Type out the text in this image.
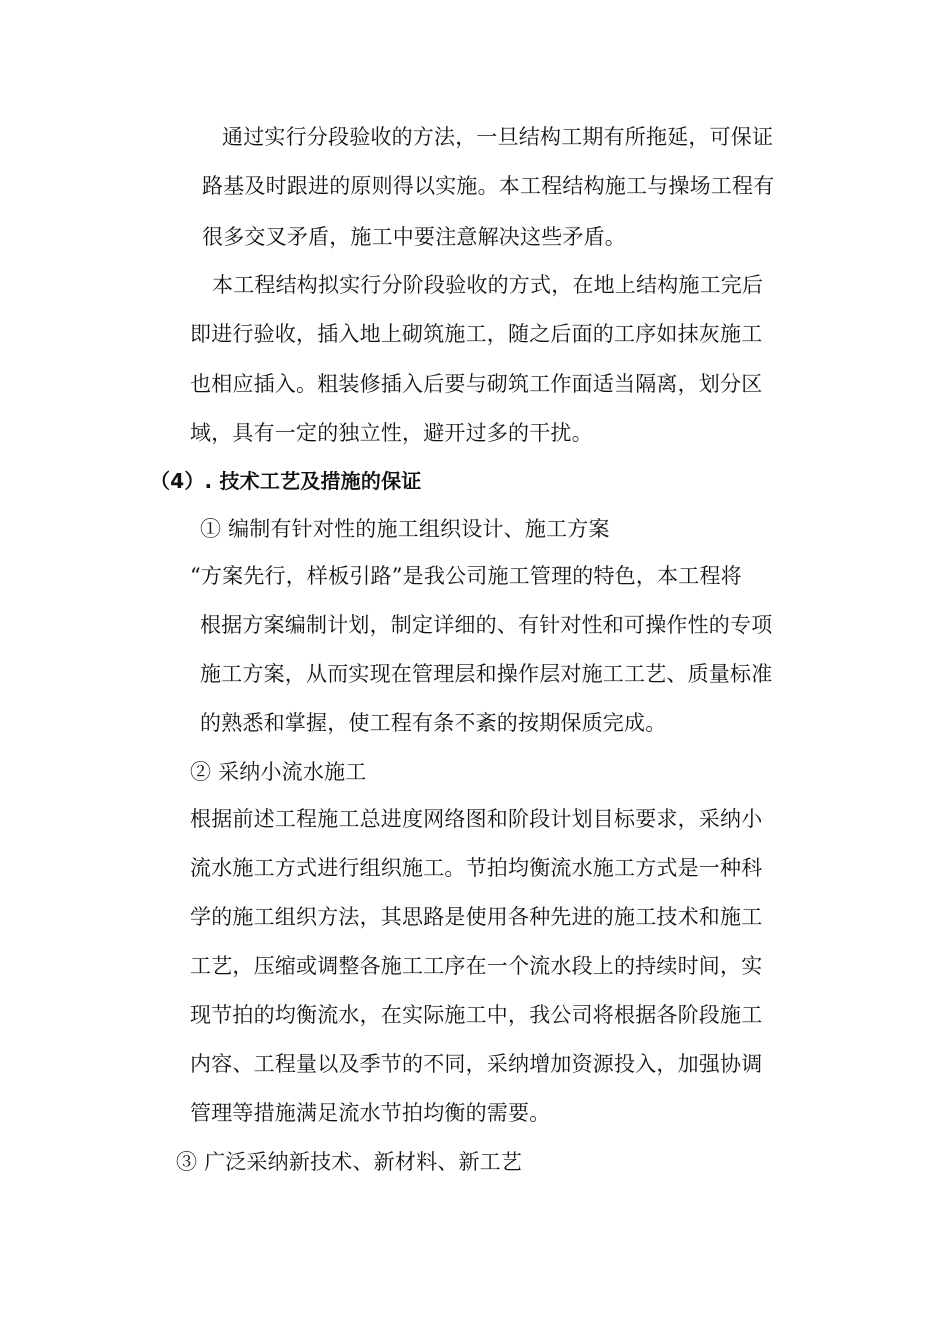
通过实行分段验收的方法，一旦结构工期有所拖延，可保证
路基及时跟进的原则得以实施。本工程结构施工与操场工程有
很多交叉矛盾，施工中要注意解决这些矛盾。
本工程结构拟实行分阶段验收的方式，在地上结构施工完后
即进行验收，插入地上砌筑施工，随之后面的工序如抹灰施工
也相应插入。粗装修插入后要与砌筑工作面适当隔离，划分区
域，具有一定的独立性，避开过多的干扰。
（4）. 技术工艺及措施的保证
① 编制有针对性的施工组织设计、施工方案
“方案先行，样板引路”是我公司施工管理的特色，本工程将
根据方案编制计划，制定详细的、有针对性和可操作性的专项
施工方案，从而实现在管理层和操作层对施工工艺、质量标准
的熟悉和掌握，使工程有条不紊的按期保质完成。
② 采纳小流水施工
根据前述工程施工总进度网络图和阶段计划目标要求，采纳小
流水施工方式进行组织施工。节拍均衡流水施工方式是一种科
学的施工组织方法，其思路是使用各种先进的施工技术和施工
工艺，压缩或调整各施工工序在一个流水段上的持续时间，实
现节拍的均衡流水，在实际施工中，我公司将根据各阶段施工
内容、工程量以及季节的不同，采纳增加资源投入，加强协调
管理等措施满足流水节拍均衡的需要。
③ 广泛采纳新技术、新材料、新工艺
